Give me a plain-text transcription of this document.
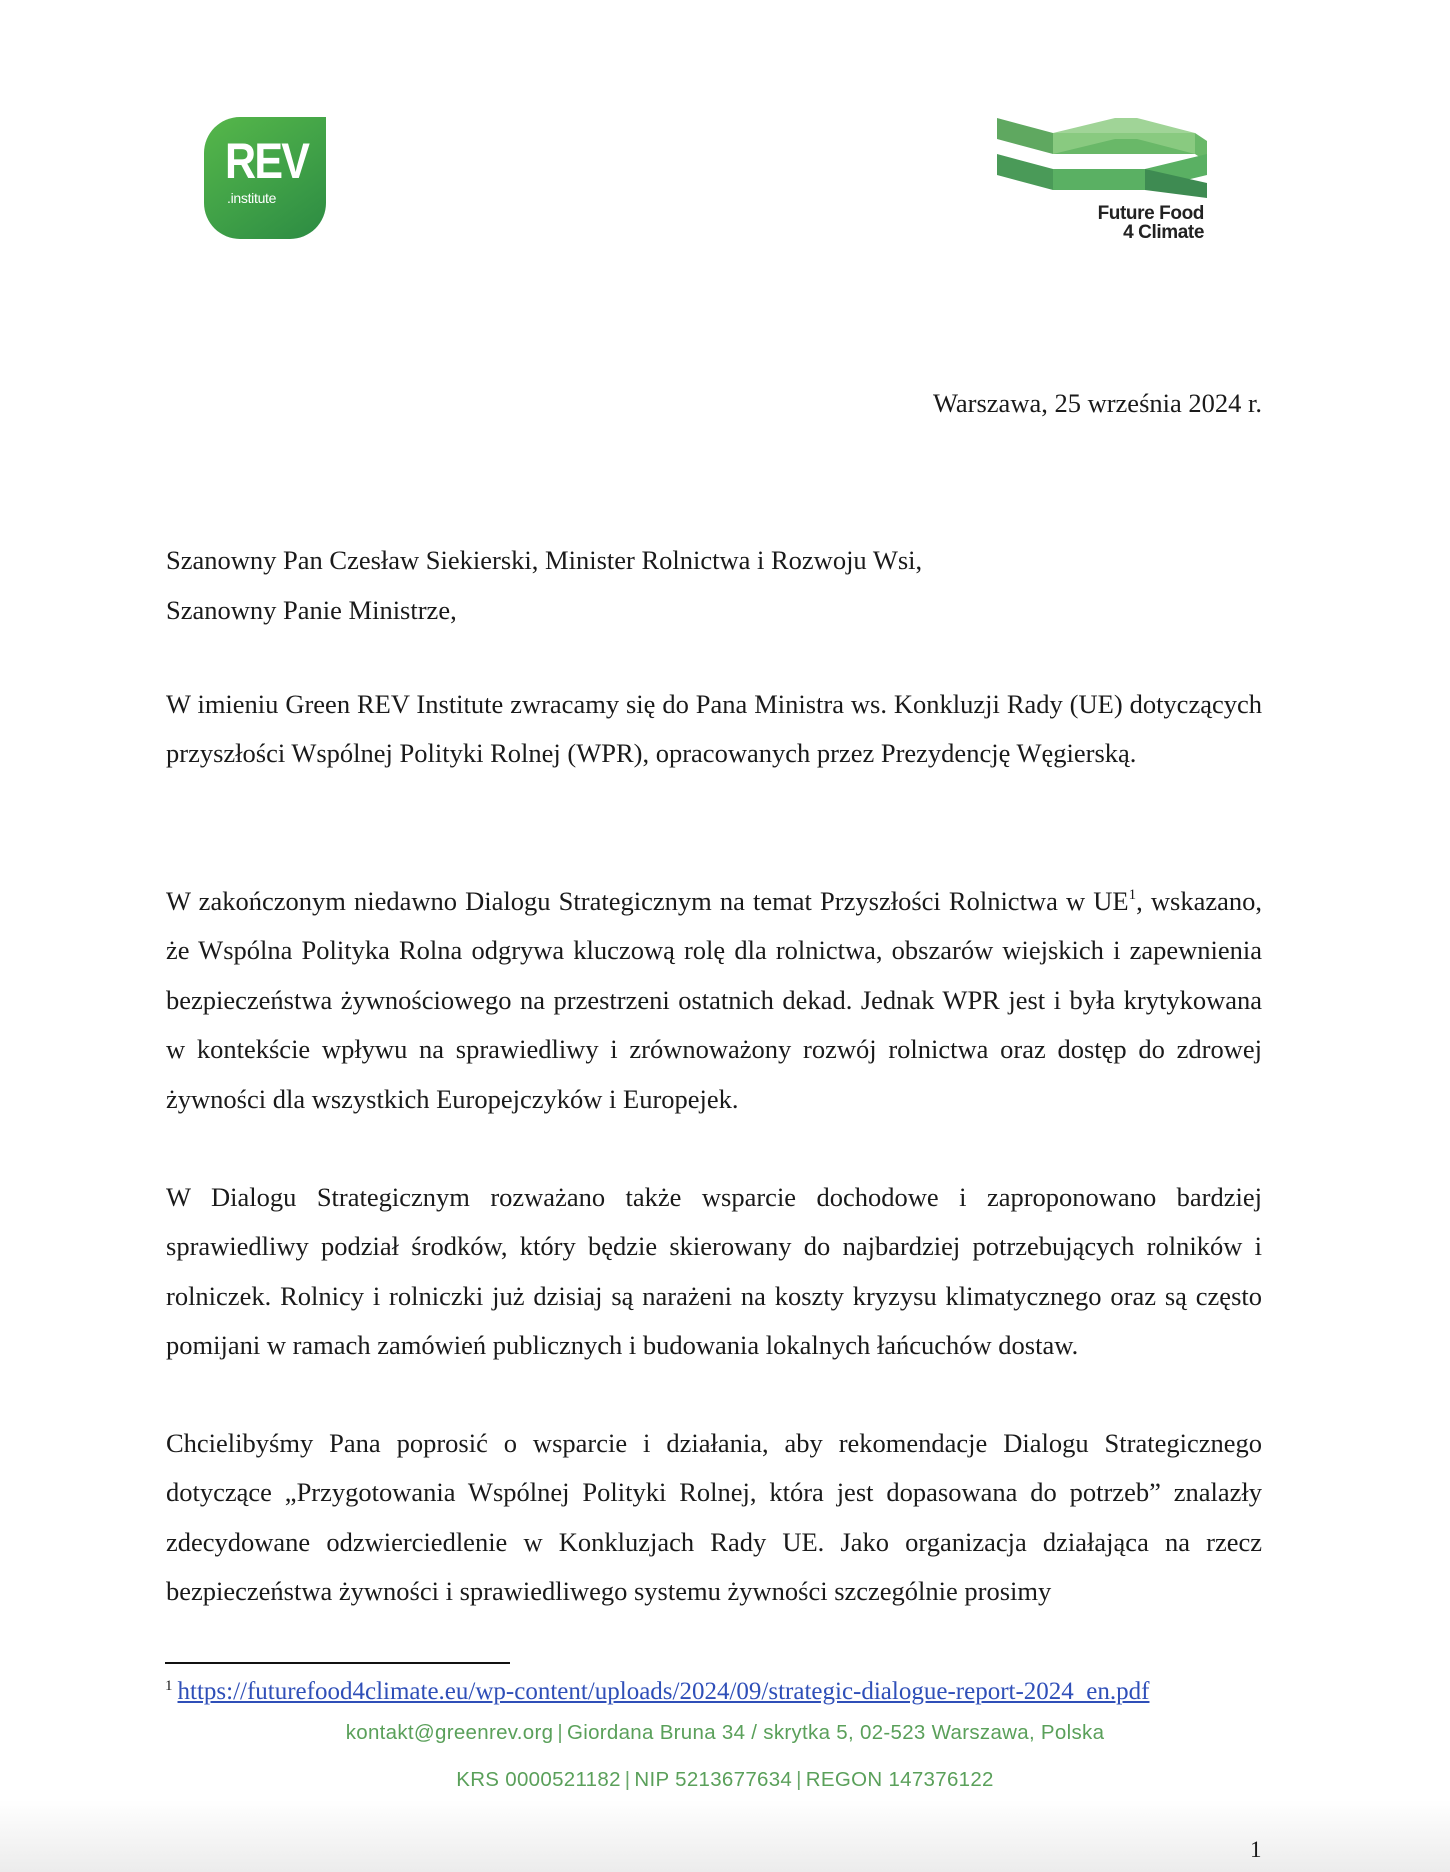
REV
.institute
Future Food
4 Climate
Warszawa, 25 września 2024 r.
Szanowny Pan Czesław Siekierski, Minister Rolnictwa i Rozwoju Wsi,
Szanowny Panie Ministrze,

W imieniu Green REV Institute zwracamy się do Pana Ministra ws. Konkluzji Rady (UE) dotyczących przyszłości Wspólnej Polityki Rolnej (WPR), opracowanych przez Prezydencję Węgierską.

W zakończonym niedawno Dialogu Strategicznym na temat Przyszłości Rolnictwa w $UE^1$, wskazano, że Wspólna Polityka Rolna odgrywa kluczową rolę dla rolnictwa, obszarów wiejskich i zapewnienia bezpieczeństwa żywnościowego na przestrzeni ostatnich dekad. Jednak WPR jest i była krytykowana w kontekście wpływu na sprawiedliwy i zrównoważony rozwój rolnictwa oraz dostęp do zdrowej żywności dla wszystkich Europejczyków i Europejek.

W Dialogu Strategicznym rozważano także wsparcie dochodowe i zaproponowano bardziej sprawiedliwy podział środków, który będzie skierowany do najbardziej potrzebujących rolników i rolniczek. Rolnicy i rolniczki już dzisiaj są narażeni na koszty kryzysu klimatycznego oraz są często pomijani w ramach zamówień publicznych i budowania lokalnych łańcuchów dostaw.

Chcielibyśmy Pana poprosić o wsparcie i działania, aby rekomendacje Dialogu Strategicznego dotyczące „Przygotowania Wspólnej Polityki Rolnej, która jest dopasowana do potrzeb” znalazły zdecydowane odzwierciedlenie w Konkluzjach Rady UE. Jako organizacja działająca na rzecz bezpieczeństwa żywności i sprawiedliwego systemu żywności szczególnie prosimy

$^1$ https://futurefood4climate.eu/wp-content/uploads/2024/09/strategic-dialogue-report-2024_en.pdf
kontakt@greenrev.org | Giordana Bruna 34 / skrytka 5, 02-523 Warszawa, Polska
KRS 0000521182 | NIP 5213677634 | REGON 147376122
1
